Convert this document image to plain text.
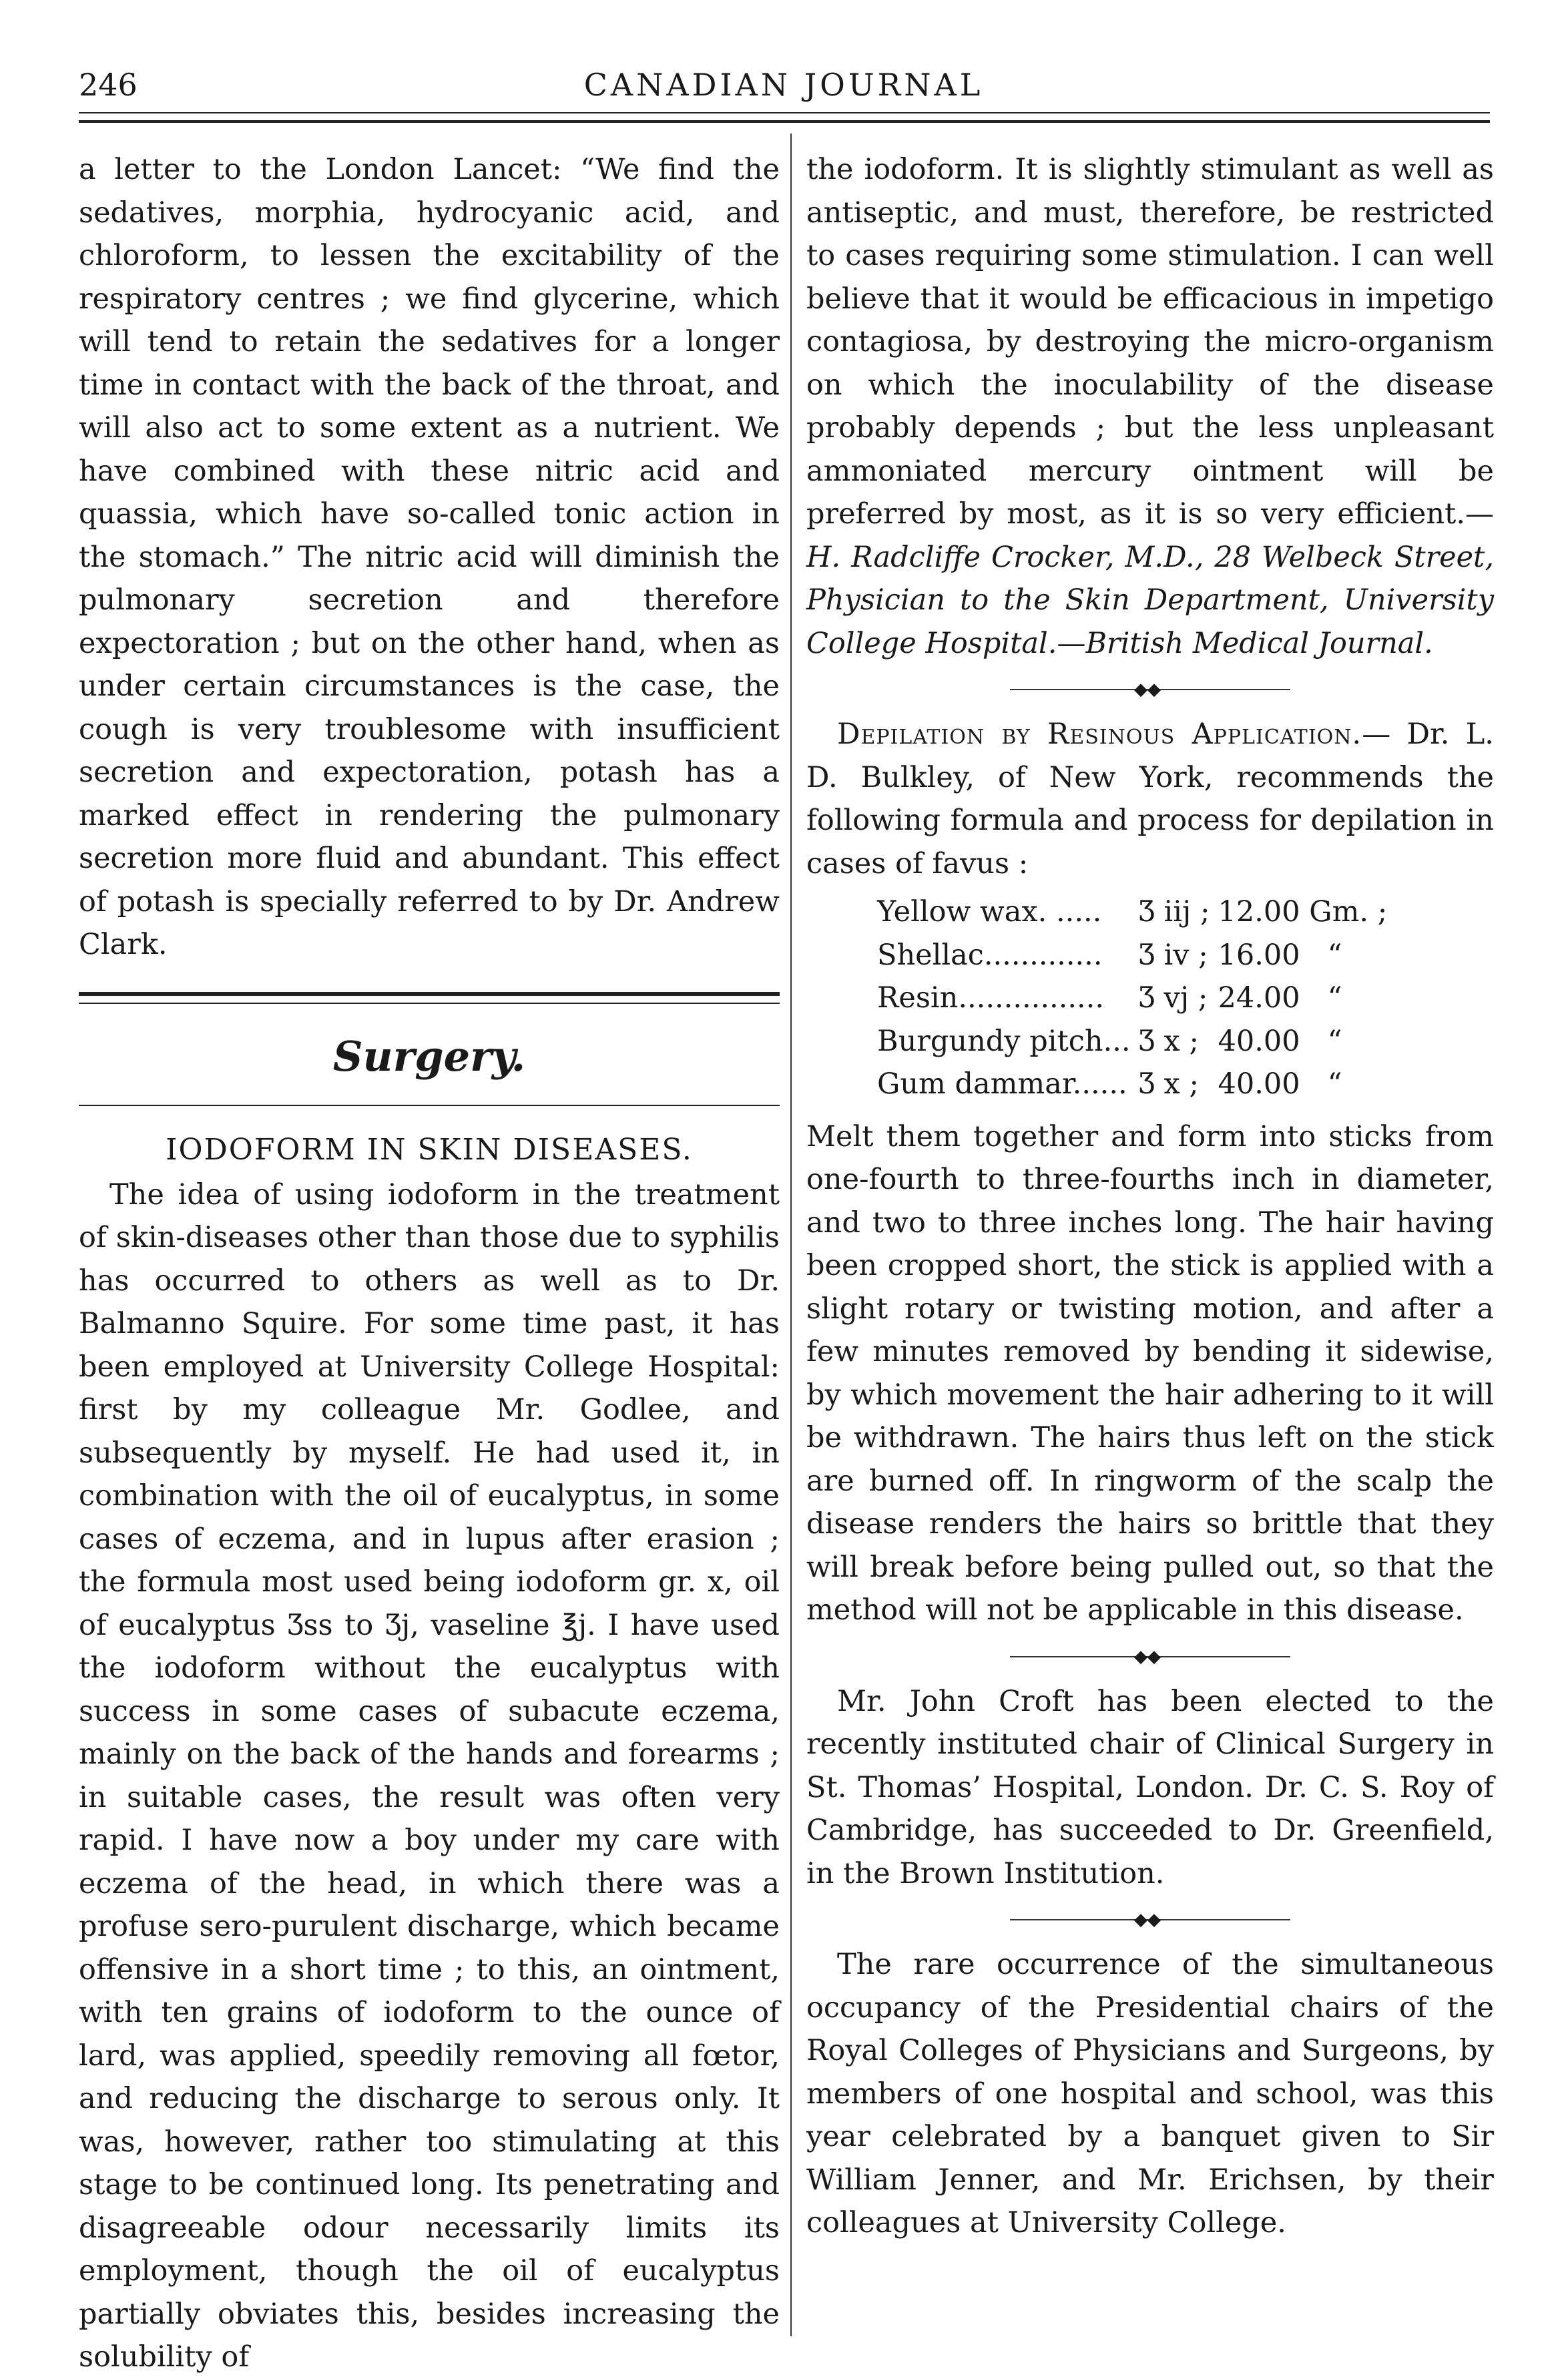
246	CANADIAN JOURNAL

a letter to the London Lancet: “We find the sedatives, morphia, hydrocyanic acid, and chloroform, to lessen the excitability of the respiratory centres ; we find glycerine, which will tend to retain the sedatives for a longer time in contact with the back of the throat, and will also act to some extent as a nutrient. We have combined with these nitric acid and quassia, which have so-called tonic action in the stomach.” The nitric acid will diminish the pulmonary secretion and therefore expectoration ; but on the other hand, when as under certain circumstances is the case, the cough is very troublesome with insufficient secretion and expectoration, potash has a marked effect in rendering the pulmonary secretion more fluid and abundant. This effect of potash is specially referred to by Dr. Andrew Clark.

Surgery.
IODOFORM IN SKIN DISEASES.

The idea of using iodoform in the treatment of skin-diseases other than those due to syphilis has occurred to others as well as to Dr. Balmanno Squire. For some time past, it has been employed at University College Hospital: first by my colleague Mr. Godlee, and subsequently by myself. He had used it, in combination with the oil of eucalyptus, in some cases of eczema, and in lupus after erasion ; the formula most used being iodoform gr. x, oil of eucalyptus Ʒss to Ʒj, vaseline ℥j. I have used the iodoform without the eucalyptus with success in some cases of subacute eczema, mainly on the back of the hands and forearms ; in suitable cases, the result was often very rapid. I have now a boy under my care with eczema of the head, in which there was a profuse sero-purulent discharge, which became offensive in a short time ; to this, an ointment, with ten grains of iodoform to the ounce of lard, was applied, speedily removing all fœtor, and reducing the discharge to serous only. It was, however, rather too stimulating at this stage to be continued long. Its penetrating and disagreeable odour necessarily limits its employment, though the oil of eucalyptus partially obviates this, besides increasing the solubility of

the iodoform. It is slightly stimulant as well as antiseptic, and must, therefore, be restricted to cases requiring some stimulation. I can well believe that it would be efficacious in impetigo contagiosa, by destroying the micro-organism on which the inoculability of the disease probably depends ; but the less unpleasant ammoniated mercury ointment will be preferred by most, as it is so very efficient.—H. Radcliffe Crocker, M.D., 28 Welbeck Street, Physician to the Skin Department, University College Hospital.—British Medical Journal.

◆◆

Depilation by Resinous Application.— Dr. L. D. Bulkley, of New York, recommends the following formula and process for depilation in cases of favus :

Yellow wax. .....	Ʒ iij ;	12.00 Gm. ;
Shellac.............	Ʒ iv ;	16.00   “
Resin................	Ʒ vj ;	24.00   “
Burgundy pitch...	Ʒ x ;	40.00   “
Gum dammar......	Ʒ x ;	40.00   “

Melt them together and form into sticks from one-fourth to three-fourths inch in diameter, and two to three inches long. The hair having been cropped short, the stick is applied with a slight rotary or twisting motion, and after a few minutes removed by bending it sidewise, by which movement the hair adhering to it will be withdrawn. The hairs thus left on the stick are burned off. In ringworm of the scalp the disease renders the hairs so brittle that they will break before being pulled out, so that the method will not be applicable in this disease.

◆◆

Mr. John Croft has been elected to the recently instituted chair of Clinical Surgery in St. Thomas’ Hospital, London. Dr. C. S. Roy of Cambridge, has succeeded to Dr. Greenfield, in the Brown Institution.

◆◆

The rare occurrence of the simultaneous occupancy of the Presidential chairs of the Royal Colleges of Physicians and Surgeons, by members of one hospital and school, was this year celebrated by a banquet given to Sir William Jenner, and Mr. Erichsen, by their colleagues at University College.
